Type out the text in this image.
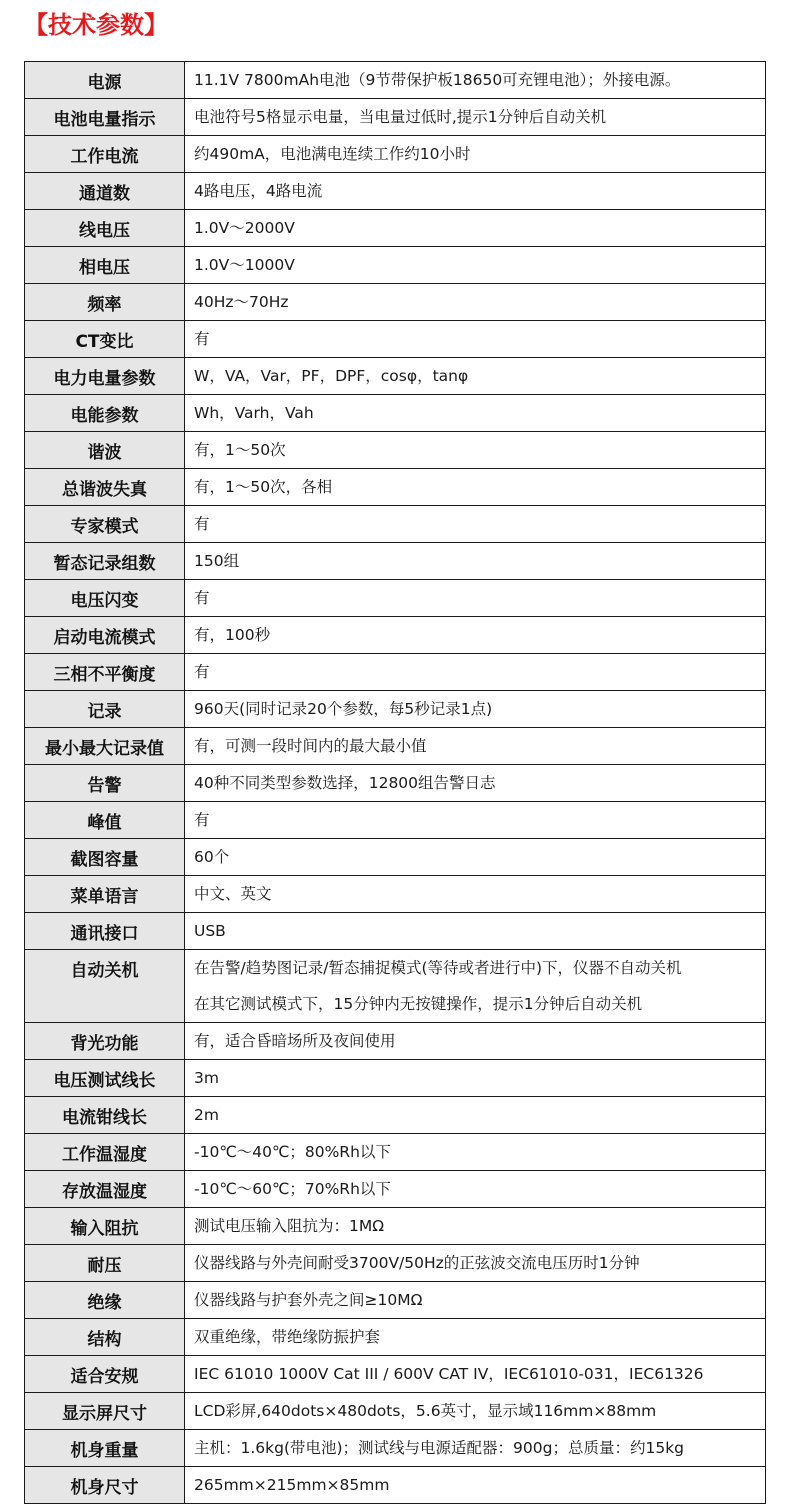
【技术参数】
电源	11.1V 7800mAh电池（9节带保护板18650可充锂电池）；外接电源。

电池电量指示	电池符号5格显示电量，当电量过低时,提示1分钟后自动关机

工作电流	约490mA，电池满电连续工作约10小时

通道数	4路电压，4路电流

线电压	1.0V～2000V

相电压	1.0V～1000V

频率	40Hz～70Hz

CT变比	有

电力电量参数	W，VA，Var，PF，DPF，cosφ，tanφ

电能参数	Wh，Varh，Vah

谐波	有，1～50次

总谐波失真	有，1～50次，各相

专家模式	有

暂态记录组数	150组

电压闪变	有

启动电流模式	有，100秒

三相不平衡度	有

记录	960天(同时记录20个参数，每5秒记录1点)

最小最大记录值	有，可测一段时间内的最大最小值

告警	40种不同类型参数选择，12800组告警日志

峰值	有

截图容量	60个

菜单语言	中文、英文

通讯接口	USB

自动关机	在告警/趋势图记录/暂态捕捉模式(等待或者进行中)下，仪器不自动关机
在其它测试模式下，15分钟内无按键操作，提示1分钟后自动关机

背光功能	有，适合昏暗场所及夜间使用

电压测试线长	3m

电流钳线长	2m

工作温湿度	-10℃～40℃；80%Rh以下

存放温湿度	-10℃～60℃；70%Rh以下

输入阻抗	测试电压输入阻抗为：1MΩ

耐压	仪器线路与外壳间耐受3700V/50Hz的正弦波交流电压历时1分钟

绝缘	仪器线路与护套外壳之间≥10MΩ

结构	双重绝缘，带绝缘防振护套

适合安规	IEC 61010 1000V Cat III / 600V CAT IV，IEC61010-031，IEC61326

显示屏尺寸	LCD彩屏,640dots×480dots，5.6英寸，显示域116mm×88mm

机身重量	主机：1.6kg(带电池)；测试线与电源适配器：900g；总质量：约15kg

机身尺寸	265mm×215mm×85mm
